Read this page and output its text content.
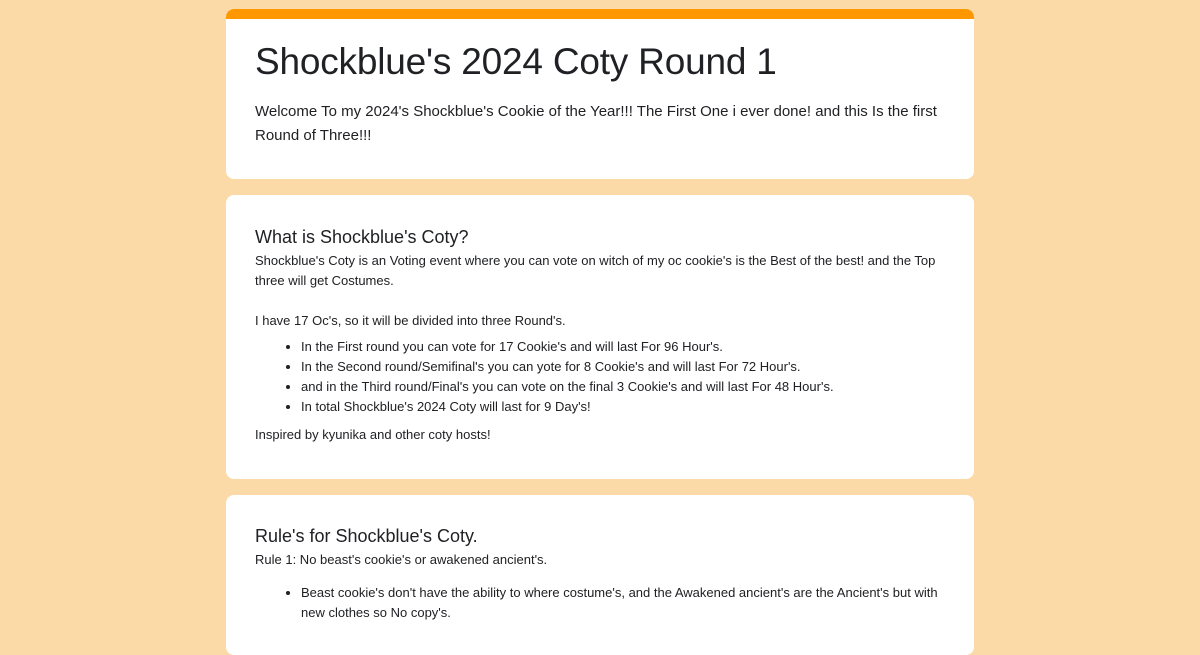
Shockblue's 2024 Coty Round 1

Welcome To my 2024's Shockblue's Cookie of the Year!!! The First One i ever done! and this Is the first Round of Three!!!

What is Shockblue's Coty?

Shockblue's Coty is an Voting event where you can vote on witch of my oc cookie's is the Best of the best! and the Top three will get Costumes.

I have 17 Oc's, so it will be divided into three Round's.

• In the First round you can vote for 17 Cookie's and will last For 96 Hour's.
• In the Second round/Semifinal's you can yote for 8 Cookie's and will last For 72 Hour's.
• and in the Third round/Final's you can vote on the final 3 Cookie's and will last For 48 Hour's.
• In total Shockblue's 2024 Coty will last for 9 Day's!

Inspired by kyunika and other coty hosts!

Rule's for Shockblue's Coty.

Rule 1: No beast's cookie's or awakened ancient's.

• Beast cookie's don't have the ability to where costume's, and the Awakened ancient's are the Ancient's but with new clothes so No copy's.
